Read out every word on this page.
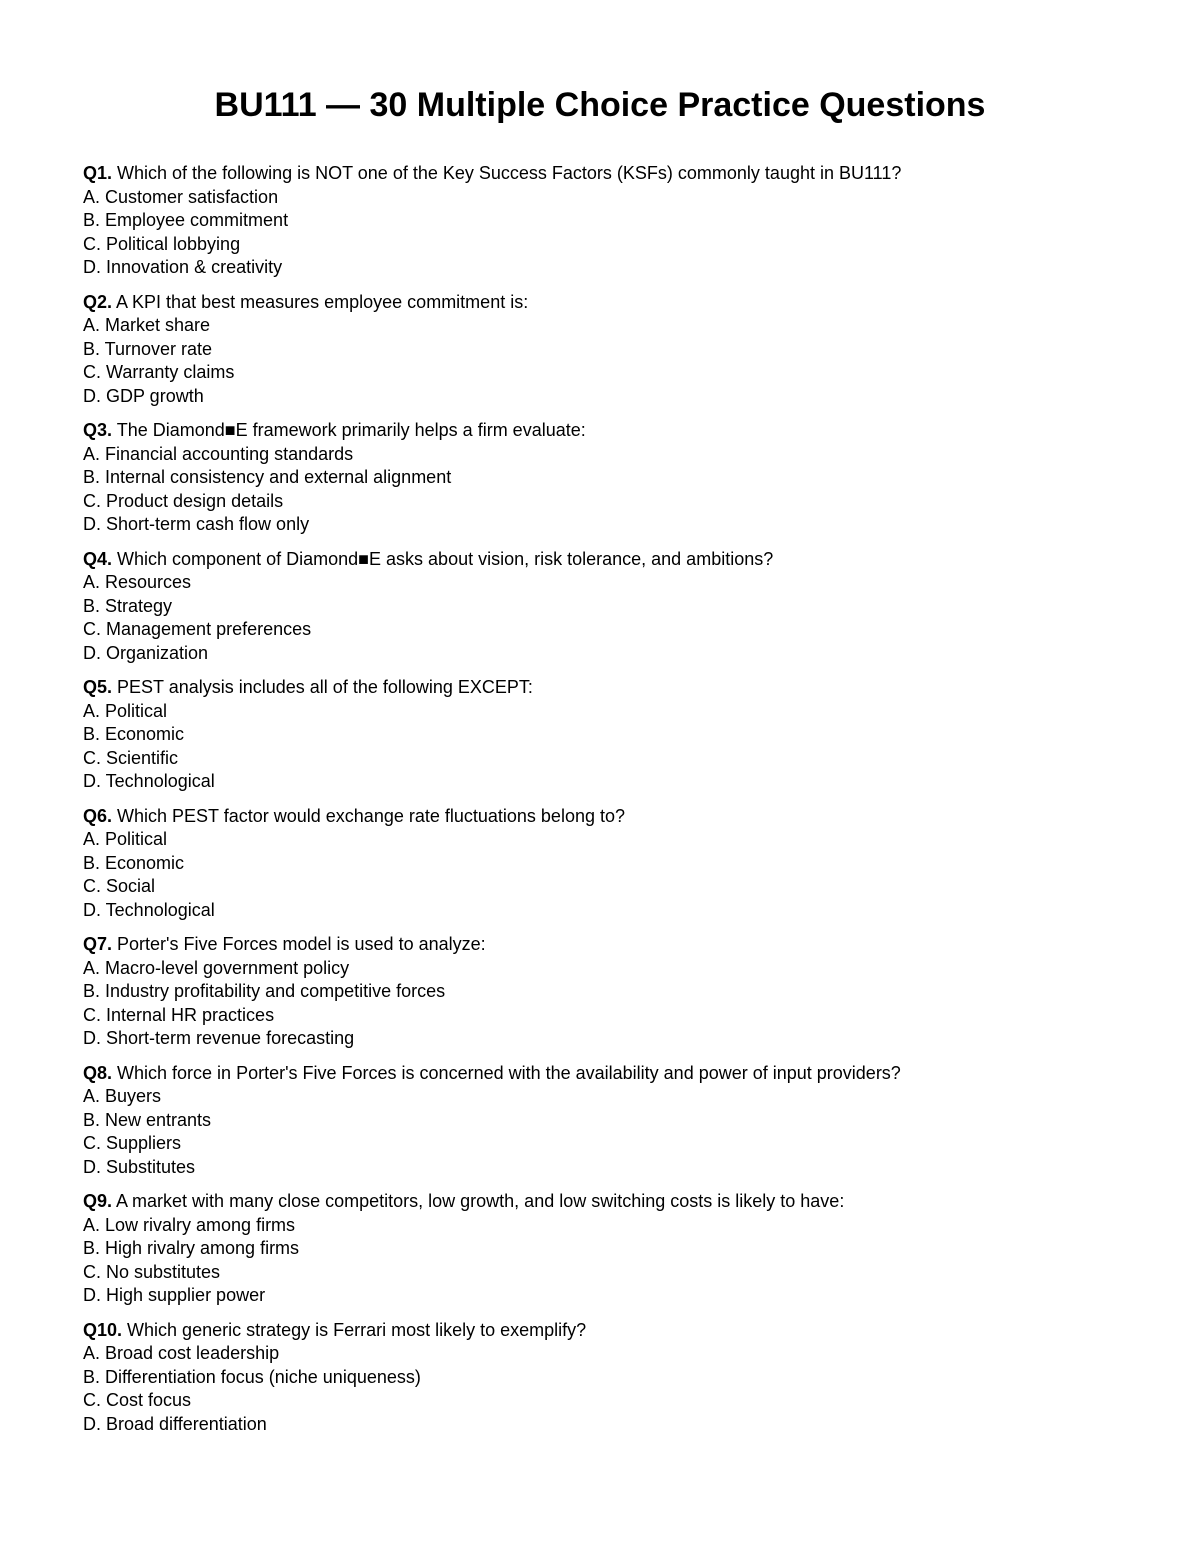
BU111 — 30 Multiple Choice Practice Questions
Q1. Which of the following is NOT one of the Key Success Factors (KSFs) commonly taught in BU111?
A. Customer satisfaction
B. Employee commitment
C. Political lobbying
D. Innovation & creativity
Q2. A KPI that best measures employee commitment is:
A. Market share
B. Turnover rate
C. Warranty claims
D. GDP growth
Q3. The Diamond■E framework primarily helps a firm evaluate:
A. Financial accounting standards
B. Internal consistency and external alignment
C. Product design details
D. Short-term cash flow only
Q4. Which component of Diamond■E asks about vision, risk tolerance, and ambitions?
A. Resources
B. Strategy
C. Management preferences
D. Organization
Q5. PEST analysis includes all of the following EXCEPT:
A. Political
B. Economic
C. Scientific
D. Technological
Q6. Which PEST factor would exchange rate fluctuations belong to?
A. Political
B. Economic
C. Social
D. Technological
Q7. Porter's Five Forces model is used to analyze:
A. Macro-level government policy
B. Industry profitability and competitive forces
C. Internal HR practices
D. Short-term revenue forecasting
Q8. Which force in Porter's Five Forces is concerned with the availability and power of input providers?
A. Buyers
B. New entrants
C. Suppliers
D. Substitutes
Q9. A market with many close competitors, low growth, and low switching costs is likely to have:
A. Low rivalry among firms
B. High rivalry among firms
C. No substitutes
D. High supplier power
Q10. Which generic strategy is Ferrari most likely to exemplify?
A. Broad cost leadership
B. Differentiation focus (niche uniqueness)
C. Cost focus
D. Broad differentiation
